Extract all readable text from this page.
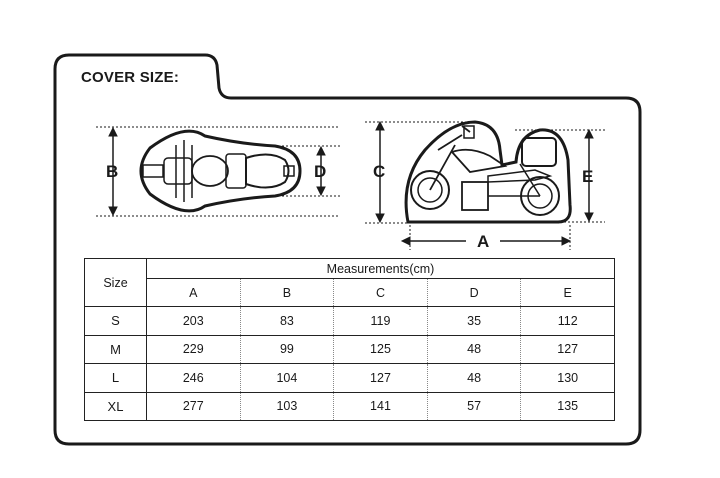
COVER SIZE:
B	D	C
A
E
Size	Measurements(cm)				
	A	B	C	D	E
S	203	83	119	35	112
M	229	99	125	48	127
L	246	104	127	48	130
XL	277	103	141	57	135
